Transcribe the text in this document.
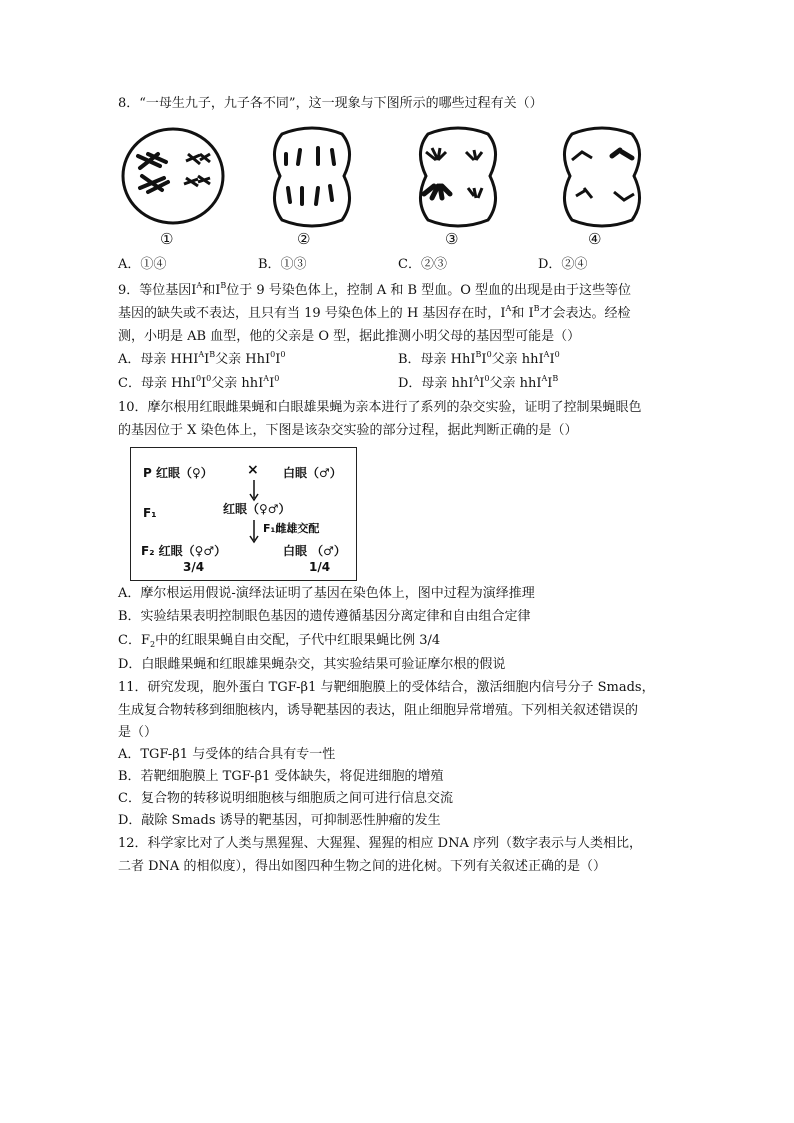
8．“一母生九子，九子各不同”，这一现象与下图所示的哪些过程有关（）
①	②	③	④
A．①④	B．①③	C．②③	D．②④
9．等位基因$I^A$和$I^B$位于 9 号染色体上，控制 A 和 B 型血。O 型血的出现是由于这些等位
基因的缺失或不表达，且只有当 19 号染色体上的 H 基因存在时，$I^A$和 $I^B$才会表达。经检
测，小明是 AB 血型，他的父亲是 O 型，据此推测小明父母的基因型可能是（）
A．母亲 $HHI^AI^B$父亲 $HhI^0I^0$	B．母亲 $HhI^BI^0$父亲 $hhI^AI^0$
C．母亲 $HhI^0I^0$父亲 $hhI^AI^0$	D．母亲 $hhI^AI^0$父亲 $hhI^AI^B$
10．摩尔根用红眼雌果蝇和白眼雄果蝇为亲本进行了系列的杂交实验，证明了控制果蝇眼色
的基因位于 X 染色体上，下图是该杂交实验的部分过程，据此判断正确的是（）
P 红眼（♀） × 白眼（♂）
F₁	红眼（♀♂）
F₁雌雄交配
F₂ 红眼（♀♂）	白眼 （♂）
3/4	1/4
A．摩尔根运用假说-演绎法证明了基因在染色体上，图中过程为演绎推理
B．实验结果表明控制眼色基因的遗传遵循基因分离定律和自由组合定律
C．$F_2$中的红眼果蝇自由交配，子代中红眼果蝇比例 3/4
D．白眼雌果蝇和红眼雄果蝇杂交，其实验结果可验证摩尔根的假说
11．研究发现，胞外蛋白 TGF-β1 与靶细胞膜上的受体结合，激活细胞内信号分子 Smads，
生成复合物转移到细胞核内，诱导靶基因的表达，阻止细胞异常增殖。下列相关叙述错误的
是（）
A．TGF-β1 与受体的结合具有专一性
B．若靶细胞膜上 TGF-β1 受体缺失，将促进细胞的增殖
C．复合物的转移说明细胞核与细胞质之间可进行信息交流
D．敲除 Smads 诱导的靶基因，可抑制恶性肿瘤的发生
12．科学家比对了人类与黑猩猩、大猩猩、猩猩的相应 DNA 序列（数字表示与人类相比，
二者 DNA 的相似度），得出如图四种生物之间的进化树。下列有关叙述正确的是（）
